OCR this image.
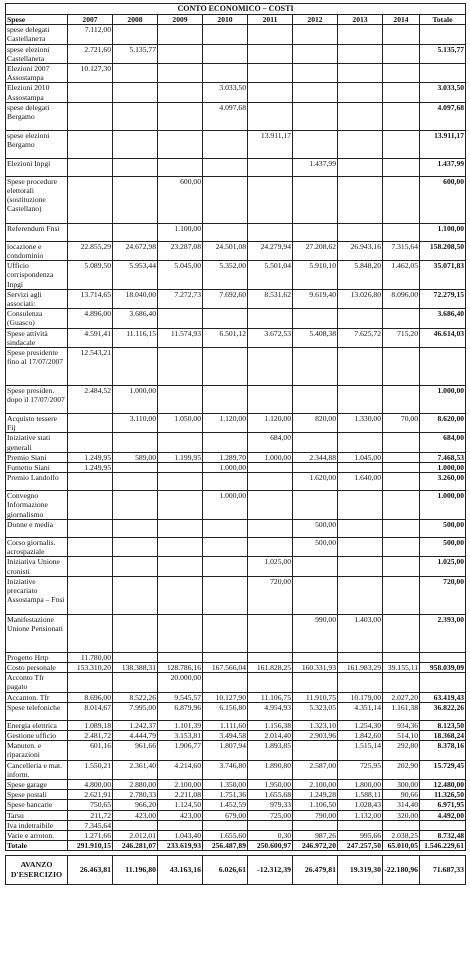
CONTO ECONOMICO – COSTI									
Spese	2007	2008	2009	2010	2011	2012	2013	2014	Totale
spese delegati Castellanета	7.112,00								
spese elezioni Castellaneta	2.721,60	5.135,77							5.135,77
Elezioni 2007 Assostampa	10.127,30								
Elezioni 2010 Assostampa				3.033,50					3.033,50
spese delegati Bergamo				4.097,68					4.097,68
spese elezioni Bergamo					13.911,17				13.911,17
Elezioni Inpgi						1.437,99			1.437,99
Spese procedure elettorali (sostituzione Castellano)			600,00						600,00
Referendum Fnsi			1.100,00						1.100,00
locazione e condominio	22.855,29	24.672,98	23.287,08	24.501,08	24.279,94	27.208,62	26.943,16	7.315,64	158.208,50
Ufficio corrispondenza Inpgi	5.089,50	5.953,44	5.045,00	5.352,00	5.501,04	5.910,10	5.848,20	1.462,05	35.071,83
Servizi agli associati:	13.714,65	18.040,00	7.272,73	7.692,60	8.531,62	9.619,40	13.026,80	8.096,00	72.279,15
Consulenza (Guasco)	4.896,00	3.686,40							3.686,40
Spese attività sindacale	4.591,41	11.116,15	11.574,93	6.501,12	3.672,53	5.408,38	7.625,72	715,20	46.614,03
Spese presidente fino al 17/07/2007	12.543,21								
Spese presiden. dopo il 17/07/2007	2.484,52	1.000,00							1.000,00
Acquisto tessere Fij		3.110,00	1.050,00	1.120,00	1.120,00	820,00	1.330,00	70,00	8.620,00
Iniziative stati generali					684,00				684,00
Premio Siani	1.249,95	589,00	1.199,95	1.289,70	1.000,00	2.344,88	1.045,00		7.468,53
Fumetto Siani	1.249,95			1.000,00					1.000,00
Premio Landolfo						1.620,00	1.640,00		3.260,00
Convegno Informazione giornalismo				1.000,00					1.000,00
Donne e media						500,00			500,00
Corso giornalis. acrospaziale						500,00			500,00
Iniziativa Unione cronisti					1.025,00				1.025,00
Iniziative precariato Assostampa – Fnsi					720,00				720,00
Manifestazione Unione Pensionati						990,00	1.403,00		2.393,00
Progetto Hrtp	11.780,00								
Costo personale	153.310,20	138.388,31	128.786,16	167.566,04	161.828,25	160.331,93	161.983,29	39.155,11	958.039,09
Acconto Tfr pagato			20.000,00						
Accanton. Tfr	8.696,00	8.522,26	9.545,57	10.127,90	11.106,75	11.910,75	10.179,00	2.027,20	63.419,43
Spese telefoniche	8.014,67	7.995,00	6.879,96	6.156,80	4.954,93	5.323,05	4.351,14	1.161,38	36.822,26
Energia elettrica	1.089,18	1.242,37	1.101,39	1.111,60	1.156,38	1.323,10	1.254,30	934,36	8.123,50
Gestione ufficio	2.481,72	4.444,79	3.153,81	3.494,58	2.014,40	2.903,96	1.842,60	514,10	18.368,24
Manuten. e riparazioni	601,16	961,66	1.906,77	1.807,94	1.893,85		1.515,14	292,80	8.378,16
Cancelleria e mat. inform.	1.550,21	2.361,40	4.214,60	3.746,80	1.890,80	2.587,00	725,95	202,90	15.729,45
Spese garage	4.800,00	2.880,00	2.100,00	1.350,00	1.950,00	2.100,00	1.800,00	300,00	12.480,00
Spese postali	2.621,91	2.780,33	2.211,08	1.751,36	1.655,68	1.249,28	1.588,11	90,66	11.326,50
Spese bancarie	750,65	966,20	1.124,50	1.452,59	979,33	1.106,50	1.028,43	314,40	6.971,95
Tarsu	211,72	423,00	423,00	679,00	725,00	790,00	1.132,00	320,00	4.492,00
Iva indetraibile	7.345,64								
Varie e arroton.	1.271,66	2.012,01	1.043,40	1.655,60	0,30	987,26	995,66	2.038,25	8.732,48
Totale	291.910,15	246.281,07	233.619,93	256.487,89	250.600,97	246.972,20	247.257,50	65.010,05	1.546.229,61
AVANZO D'ESERCIZIO	26.463,81	11.196,80	43.163,16	6.026,61	-12.312,39	26.479,81	19.319,30	-22.180,96	71.687,33
